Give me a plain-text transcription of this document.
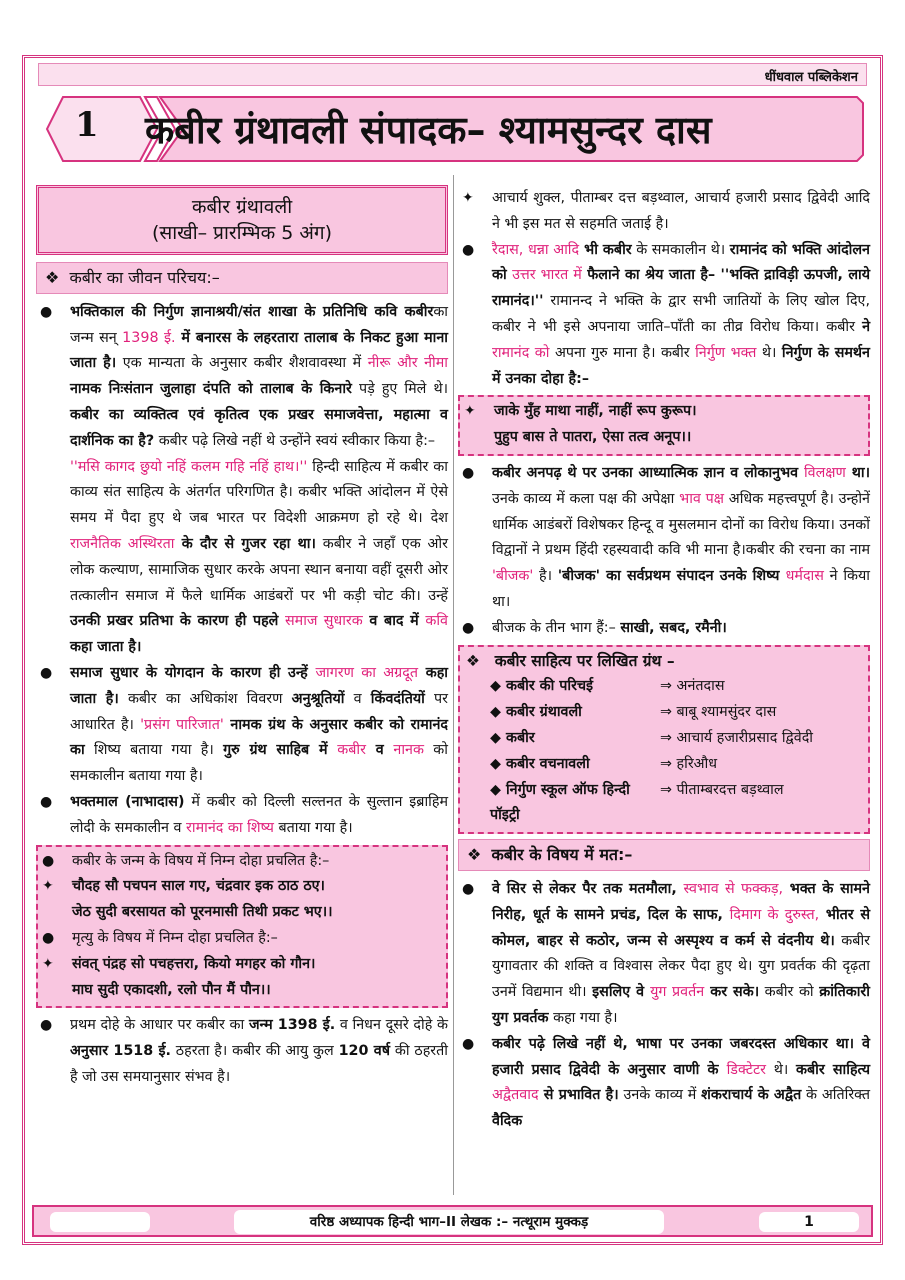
धींधवाल पब्लिकेशन
1 कबीर ग्रंथावली संपादक– श्यामसुन्दर दास
कबीर ग्रंथावली
(साखी– प्रारम्भिक 5 अंग)
❖ कबीर का जीवन परिचय:–
● भक्तिकाल की निर्गुण ज्ञानाश्रयी/संत शाखा के प्रतिनिधि कवि कबीरका जन्म सन् 1398 ई. में बनारस के लहरतारा तालाब के निकट हुआ माना जाता है। एक मान्यता के अनुसार कबीर शैशवावस्था में नीरू और नीमा नामक निःसंतान जुलाहा दंपति को तालाब के किनारे पड़े हुए मिले थे। कबीर का व्यक्तित्व एवं कृतित्व एक प्रखर समाजवेत्ता, महात्मा व दार्शनिक का है? कबीर पढ़े लिखे नहीं थे उन्होंने स्वयं स्वीकार किया है:–
''मसि कागद छुयो नहिं कलम गहि नहिं हाथ।'' हिन्दी साहित्य में कबीर का काव्य संत साहित्य के अंतर्गत परिगणित है। कबीर भक्ति आंदोलन में ऐसे समय में पैदा हुए थे जब भारत पर विदेशी आक्रमण हो रहे थे। देश राजनैतिक अस्थिरता के दौर से गुजर रहा था। कबीर ने जहाँ एक ओर लोक कल्याण, सामाजिक सुधार करके अपना स्थान बनाया वहीं दूसरी ओर तत्कालीन समाज में फैले धार्मिक आडंबरों पर भी कड़ी चोट की। उन्हें उनकी प्रखर प्रतिभा के कारण ही पहले समाज सुधारक व बाद में कवि कहा जाता है।
● समाज सुधार के योगदान के कारण ही उन्हें जागरण का अग्रदूत कहा जाता है। कबीर का अधिकांश विवरण अनुश्रूतियों व किंवदंतियों पर आधारित है। 'प्रसंग पारिजात' नामक ग्रंथ के अनुसार कबीर को रामानंद का शिष्य बताया गया है। गुरु ग्रंथ साहिब में कबीर व नानक को समकालीन बताया गया है।
● भक्तमाल (नाभादास) में कबीर को दिल्ली सल्तनत के सुल्तान इब्राहिम लोदी के समकालीन व रामानंद का शिष्य बताया गया है।
● कबीर के जन्म के विषय में निम्न दोहा प्रचलित है:–
✦ चौदह सौ पचपन साल गए, चंद्रवार इक ठाठ ठए।
जेठ सुदी बरसायत को पूरनमासी तिथी प्रकट भए।।
● मृत्यु के विषय में निम्न दोहा प्रचलित है:–
✦ संवत् पंद्रह सो पचहत्तरा, कियो मगहर को गौन।
माघ सुदी एकादशी, रलो पौन मैं पौन।।
● प्रथम दोहे के आधार पर कबीर का जन्म 1398 ई. व निधन दूसरे दोहे के अनुसार 1518 ई. ठहरता है। कबीर की आयु कुल 120 वर्ष की ठहरती है जो उस समयानुसार संभव है।
✦ आचार्य शुक्ल, पीताम्बर दत्त बड़थ्वाल, आचार्य हजारी प्रसाद द्विवेदी आदि ने भी इस मत से सहमति जताई है।
● रैदास, धन्ना आदि भी कबीर के समकालीन थे। रामानंद को भक्ति आंदोलन को उत्तर भारत में फैलाने का श्रेय जाता है– ''भक्ति द्राविड़ी ऊपजी, लाये रामानंद।'' रामानन्द ने भक्ति के द्वार सभी जातियों के लिए खोल दिए, कबीर ने भी इसे अपनाया जाति–पाँती का तीव्र विरोध किया। कबीर ने रामानंद को अपना गुरु माना है। कबीर निर्गुण भक्त थे। निर्गुण के समर्थन में उनका दोहा है:–
✦ जाके मुँह माथा नाहीं, नाहीं रूप कुरूप।
पुहुप बास ते पातरा, ऐसा तत्व अनूप।।
● कबीर अनपढ़ थे पर उनका आध्यात्मिक ज्ञान व लोकानुभव विलक्षण था। उनके काव्य में कला पक्ष की अपेक्षा भाव पक्ष अधिक महत्त्वपूर्ण है। उन्होनें धार्मिक आडंबरों विशेषकर हिन्दू व मुसलमान दोनों का विरोध किया। उनकों विद्वानों ने प्रथम हिंदी रहस्यवादी कवि भी माना है।कबीर की रचना का नाम 'बीजक' है। 'बीजक' का सर्वप्रथम संपादन उनके शिष्य धर्मदास ने किया था।
● बीजक के तीन भाग हैं:– साखी, सबद, रमैनी।
❖ कबीर साहित्य पर लिखित ग्रंथ –
◆ कबीर की परिचई	⇒ अनंतदास
◆ कबीर ग्रंथावली	⇒ बाबू श्यामसुंदर दास
◆ कबीर	⇒ आचार्य हजारीप्रसाद द्विवेदी
◆ कबीर वचनावली	⇒ हरिऔध
◆ निर्गुण स्कूल ऑफ हिन्दी पॉइट्री
⇒ पीताम्बरदत्त बड़थ्वाल
❖ कबीर के विषय में मत:–
● वे सिर से लेकर पैर तक मतमौला, स्वभाव से फक्कड़, भक्त के सामने निरीह, धूर्त के सामने प्रचंड, दिल के साफ, दिमाग के दुरुस्त, भीतर से कोमल, बाहर से कठोर, जन्म से अस्पृश्य व कर्म से वंदनीय थे। कबीर युगावतार की शक्ति व विश्वास लेकर पैदा हुए थे। युग प्रवर्तक की दृढ़ता उनमें विद्यमान थी। इसलिए वे युग प्रवर्तन कर सके। कबीर को क्रांतिकारी युग प्रवर्तक कहा गया है।
● कबीर पढ़े लिखे नहीं थे, भाषा पर उनका जबरदस्त अधिकार था। वे हजारी प्रसाद द्विवेदी के अनुसार वाणी के डिक्टेटर थे। कबीर साहित्य अद्वैतवाद से प्रभावित है। उनके काव्य में शंकराचार्य के अद्वैत के अतिरिक्त वैदिक
वरिष्ठ अध्यापक हिन्दी भाग–II लेखक :– नत्थूराम मुक्कड़	1
